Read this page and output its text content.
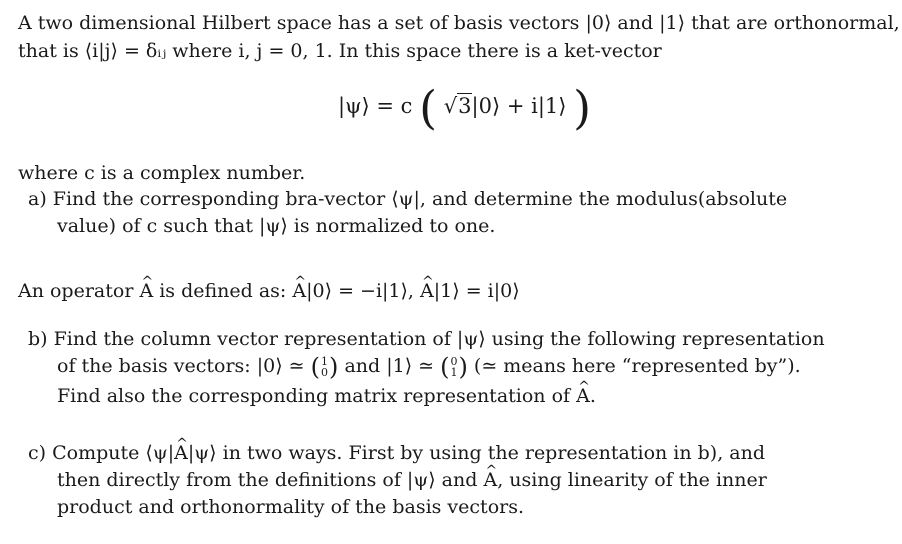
A two dimensional Hilbert space has a set of basis vectors |0⟩ and |1⟩ that are orthonormal,
that is ⟨i|j⟩ = δᵢⱼ where i, j = 0, 1. In this space there is a ket-vector
|ψ⟩ = c ( √3|0⟩ + i|1⟩ )
where c is a complex number.
a) Find the corresponding bra-vector ⟨ψ|, and determine the modulus(absolute
value) of c such that |ψ⟩ is normalized to one.
An operator ^ A is defined as: ^ A|0⟩ = −i|1⟩, ^ A|1⟩ = i|0⟩
b) Find the column vector representation of |ψ⟩ using the following representation
of the basis vectors: |0⟩ ≃ ( 1
0 ) and |1⟩ ≃ ( 0
1 ) (≃ means here “represented by”).
Find also the corresponding matrix representation of ^ A.
c) Compute ⟨ψ|^ A|ψ⟩ in two ways. First by using the representation in b), and
then directly from the definitions of |ψ⟩ and ^ A, using linearity of the inner
product and orthonormality of the basis vectors.
